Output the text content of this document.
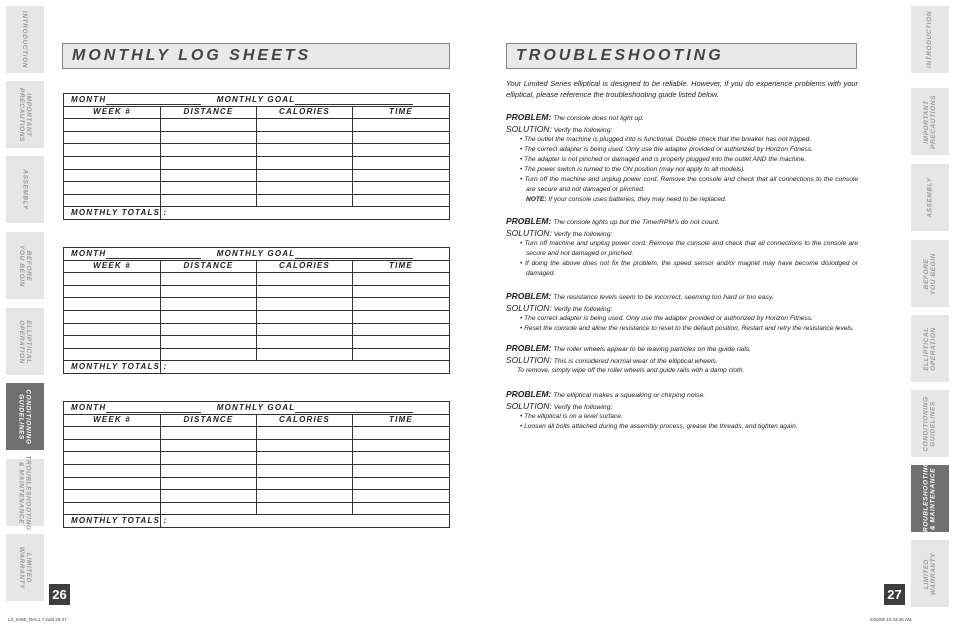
INTRODUCTION
IMPORTANT
PRECAUTIONS
ASSEMBLY
BEFORE
YOU BEGIN
ELLIPTICAL
OPERATION
CONDITIONING
GUIDELINES
TROUBLESHOOTING
& MAINTENANCE
LIMITED
WARRANTY
INTRODUCTION
IMPORTANT
PRECAUTIONS
ASSEMBLY
BEFORE
YOU BEGIN
ELLIPTICAL
OPERATION
CONDITIONING
GUIDELINES
TROUBLESHOOTING
& MAINTENANCE
LIMITED
WARRANTY
MONTHLY LOG SHEETS
MONTH MONTHLY GOAL			
WEEK #	DISTANCE	CALORIES	TIME

MONTHLY TOTALS :			
MONTH MONTHLY GOAL			
WEEK #	DISTANCE	CALORIES	TIME

MONTHLY TOTALS :			
MONTH MONTHLY GOAL			
WEEK #	DISTANCE	CALORIES	TIME

MONTHLY TOTALS :			
26
TROUBLESHOOTING
Your Limited Series elliptical is designed to be reliable. However, if you do experience problems with your elliptical, please reference the troubleshooting guide listed below.
PROBLEM: The console does not light up.
SOLUTION: Verify the following:
• The outlet the machine is plugged into is functional. Double check that the breaker has not tripped.
• The correct adapter is being used. Only use the adapter provided or authorized by Horizon Fitness.
• The adapter is not pinched or damaged and is properly plugged into the outlet AND the machine.
• The power switch is turned to the ON position (may not apply to all models).
• Turn off the machine and unplug power cord. Remove the console and check that all connections to the console are secure and not damaged or pinched.
NOTE: If your console uses batteries, they may need to be replaced.
PROBLEM: The console lights up but the Time/RPM's do not count.
SOLUTION: Verify the following:
• Turn off machine and unplug power cord. Remove the console and check that all connections to the console are secure and not damaged or pinched.
• If doing the above does not fix the problem, the speed sensor and/or magnet may have become dislodged or damaged.
PROBLEM: The resistance levels seem to be incorrect, seeming too hard or too easy.
SOLUTION: Verify the following:
• The correct adapter is being used. Only use the adapter provided or authorized by Horizon Fitness.
• Reset the console and allow the resistance to reset to the default position. Restart and retry the resistance levels.
PROBLEM: The roller wheels appear to be leaving particles on the guide rails.
SOLUTION: This is considered normal wear of the elliptical wheels.
To remove, simply wipe off the roller wheels and guide rails with a damp cloth.
PROBLEM: The elliptical makes a squeaking or chirping noise.
SOLUTION: Verify the following:
• The elliptical is on a level surface.
• Loosen all bolts attached during the assembly process, grease the threads, and tighten again.
27
LS_645E_Rev.1.7.indd 26-27	6/26/06 10:43:36 AM
